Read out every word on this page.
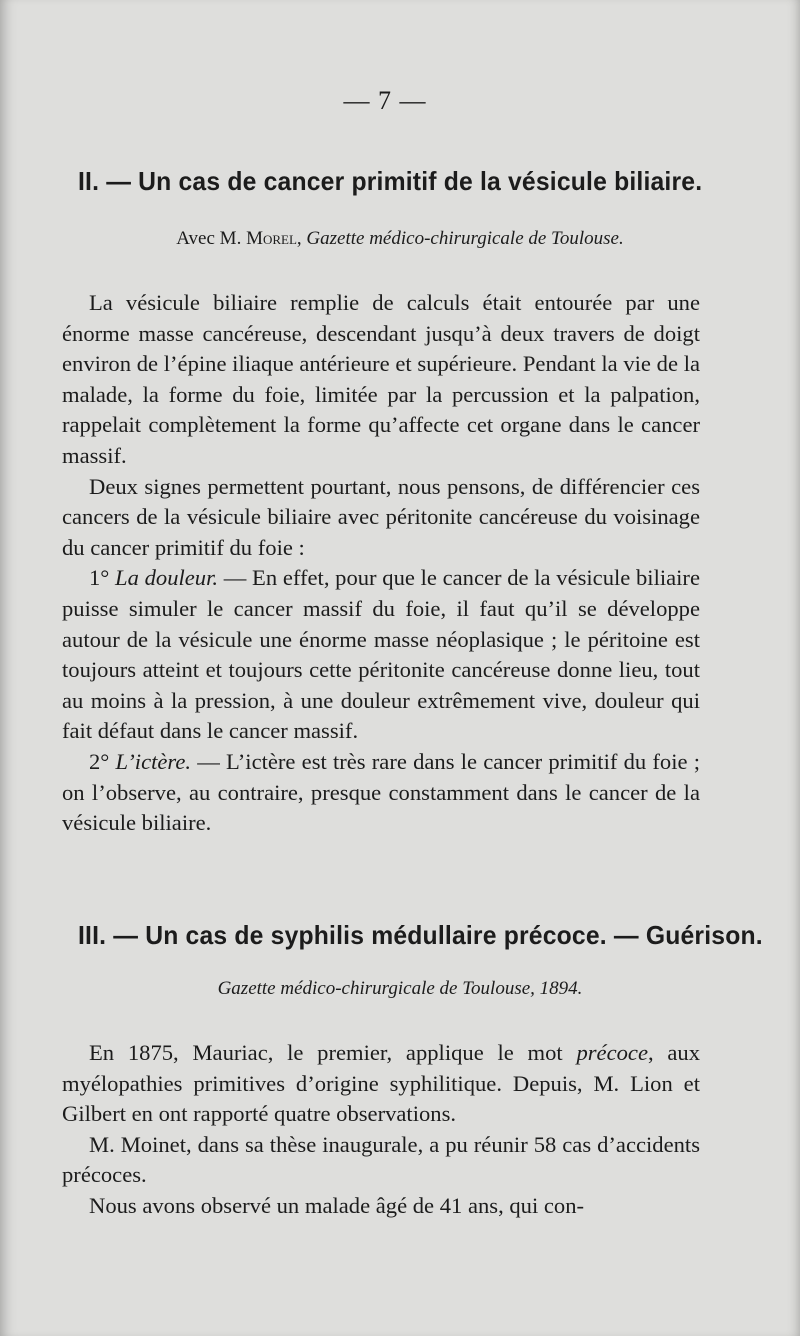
— 7 —
II. — Un cas de cancer primitif de la vésicule biliaire.
Avec M. Morel, Gazette médico-chirurgicale de Toulouse.

La vésicule biliaire remplie de calculs était entourée par une énorme masse cancéreuse, descendant jusqu’à deux travers de doigt environ de l’épine iliaque antérieure et supérieure. Pendant la vie de la malade, la forme du foie, limitée par la percussion et la palpation, rappelait complètement la forme qu’affecte cet organe dans le cancer massif.

Deux signes permettent pourtant, nous pensons, de différencier ces cancers de la vésicule biliaire avec péritonite cancéreuse du voisinage du cancer primitif du foie :

1° La douleur. — En effet, pour que le cancer de la vésicule biliaire puisse simuler le cancer massif du foie, il faut qu’il se développe autour de la vésicule une énorme masse néoplasique ; le péritoine est toujours atteint et toujours cette péritonite cancéreuse donne lieu, tout au moins à la pression, à une douleur extrêmement vive, douleur qui fait défaut dans le cancer massif.

2° L’ictère. — L’ictère est très rare dans le cancer primitif du foie ; on l’observe, au contraire, presque constamment dans le cancer de la vésicule biliaire.

III. — Un cas de syphilis médullaire précoce. — Guérison.
Gazette médico-chirurgicale de Toulouse, 1894.

En 1875, Mauriac, le premier, applique le mot précoce, aux myélopathies primitives d’origine syphilitique. Depuis, M. Lion et Gilbert en ont rapporté quatre observations.

M. Moinet, dans sa thèse inaugurale, a pu réunir 58 cas d’accidents précoces.

Nous avons observé un malade âgé de 41 ans, qui con-
